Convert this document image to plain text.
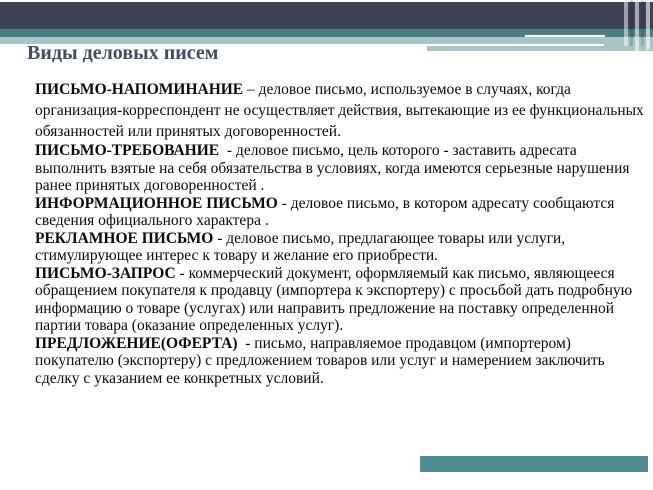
Виды деловых писем

ПИСЬМО-НАПОМИНАНИЕ – деловое письмо, используемое в случаях, когда организация-корреспондент не осуществляет действия, вытекающие из ее функциональных обязанностей или принятых договоренностей.

ПИСЬМО-ТРЕБОВАНИЕ  - деловое письмо, цель которого - заставить адресата выполнить взятые на себя обязательства в условиях, когда имеются серьезные нарушения ранее принятых договоренностей .

ИНФОРМАЦИОННОЕ ПИСЬМО - деловое письмо, в котором адресату сообщаются сведения официального характера .

РЕКЛАМНОЕ ПИСЬМО - деловое письмо, предлагающее товары или услуги, стимулирующее интерес к товару и желание его приобрести.

ПИСЬМО-ЗАПРОС - коммерческий документ, оформляемый как письмо, являющееся обращением покупателя к продавцу (импортера к экспортеру) с просьбой дать подробную информацию о товаре (услугах) или направить предложение на поставку определенной партии товара (оказание определенных услуг).

ПРЕДЛОЖЕНИЕ(ОФЕРТА)  - письмо, направляемое продавцом (импортером) покупателю (экспортеру) с предложением товаров или услуг и намерением заключить сделку с указанием ее конкретных условий.
